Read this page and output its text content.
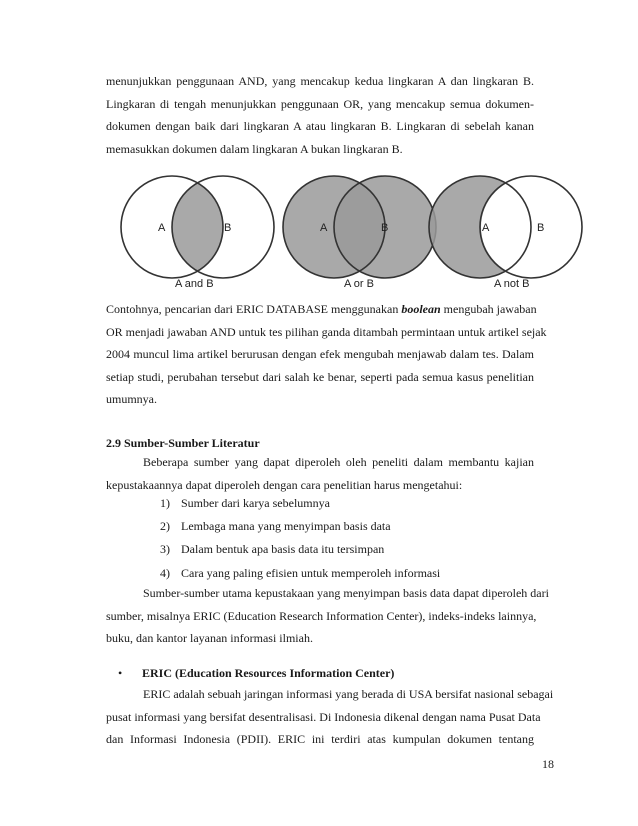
menunjukkan penggunaan AND, yang mencakup kedua lingkaran A dan lingkaran B.
Lingkaran di tengah menunjukkan penggunaan OR, yang mencakup semua dokumen-
dokumen dengan baik dari lingkaran A atau lingkaran B. Lingkaran di sebelah kanan
memasukkan dokumen dalam lingkaran A bukan lingkaran B.
A	B
A and B
A	B
A or B
A	B
A not B
Contohnya, pencarian dari ERIC DATABASE menggunakan boolean mengubah jawaban
OR menjadi jawaban AND untuk tes pilihan ganda ditambah permintaan untuk artikel sejak
2004 muncul lima artikel berurusan dengan efek mengubah menjawab dalam tes. Dalam
setiap studi, perubahan tersebut dari salah ke benar, seperti pada semua kasus penelitian
umumnya.
2.9 Sumber-Sumber Literatur
Beberapa sumber yang dapat diperoleh oleh peneliti dalam membantu kajian
kepustakaannya dapat diperoleh dengan cara penelitian harus mengetahui:
1) Sumber dari karya sebelumnya
2) Lembaga mana yang menyimpan basis data
3) Dalam bentuk apa basis data itu tersimpan
4) Cara yang paling efisien untuk memperoleh informasi
Sumber-sumber utama kepustakaan yang menyimpan basis data dapat diperoleh dari
sumber, misalnya ERIC (Education Research Information Center), indeks-indeks lainnya,
buku, dan kantor layanan informasi ilmiah.
• ERIC (Education Resources Information Center)
ERIC adalah sebuah jaringan informasi yang berada di USA bersifat nasional sebagai
pusat informasi yang bersifat desentralisasi. Di Indonesia dikenal dengan nama Pusat Data
dan Informasi Indonesia (PDII). ERIC ini terdiri atas kumpulan dokumen tentang
18
